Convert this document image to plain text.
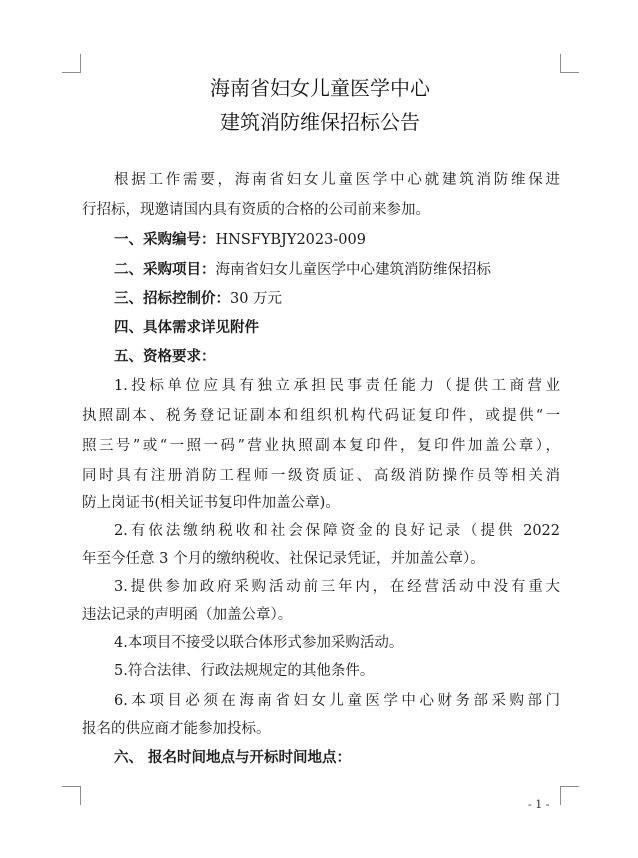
海南省妇女儿童医学中心
建筑消防维保招标公告
根据工作需要，海南省妇女儿童医学中心就建筑消防维保进
行招标，现邀请国内具有资质的合格的公司前来参加。
一、采购编号：HNSFYBJY2023-009
二、采购项目：海南省妇女儿童医学中心建筑消防维保招标
三、招标控制价：30 万元
四、具体需求详见附件
五、资格要求：
1.投标单位应具有独立承担民事责任能力（提供工商营业
执照副本、税务登记证副本和组织机构代码证复印件，或提供“一
照三号”或“一照一码”营业执照副本复印件，复印件加盖公章），
同时具有注册消防工程师一级资质证、高级消防操作员等相关消
防上岗证书(相关证书复印件加盖公章)。
2.有依法缴纳税收和社会保障资金的良好记录（提供 2022
年至今任意 3 个月的缴纳税收、社保记录凭证，并加盖公章）。
3.提供参加政府采购活动前三年内，在经营活动中没有重大
违法记录的声明函（加盖公章）。
4.本项目不接受以联合体形式参加采购活动。
5.符合法律、行政法规规定的其他条件。
6.本项目必须在海南省妇女儿童医学中心财务部采购部门
报名的供应商才能参加投标。
六、 报名时间地点与开标时间地点：
- 1 -
